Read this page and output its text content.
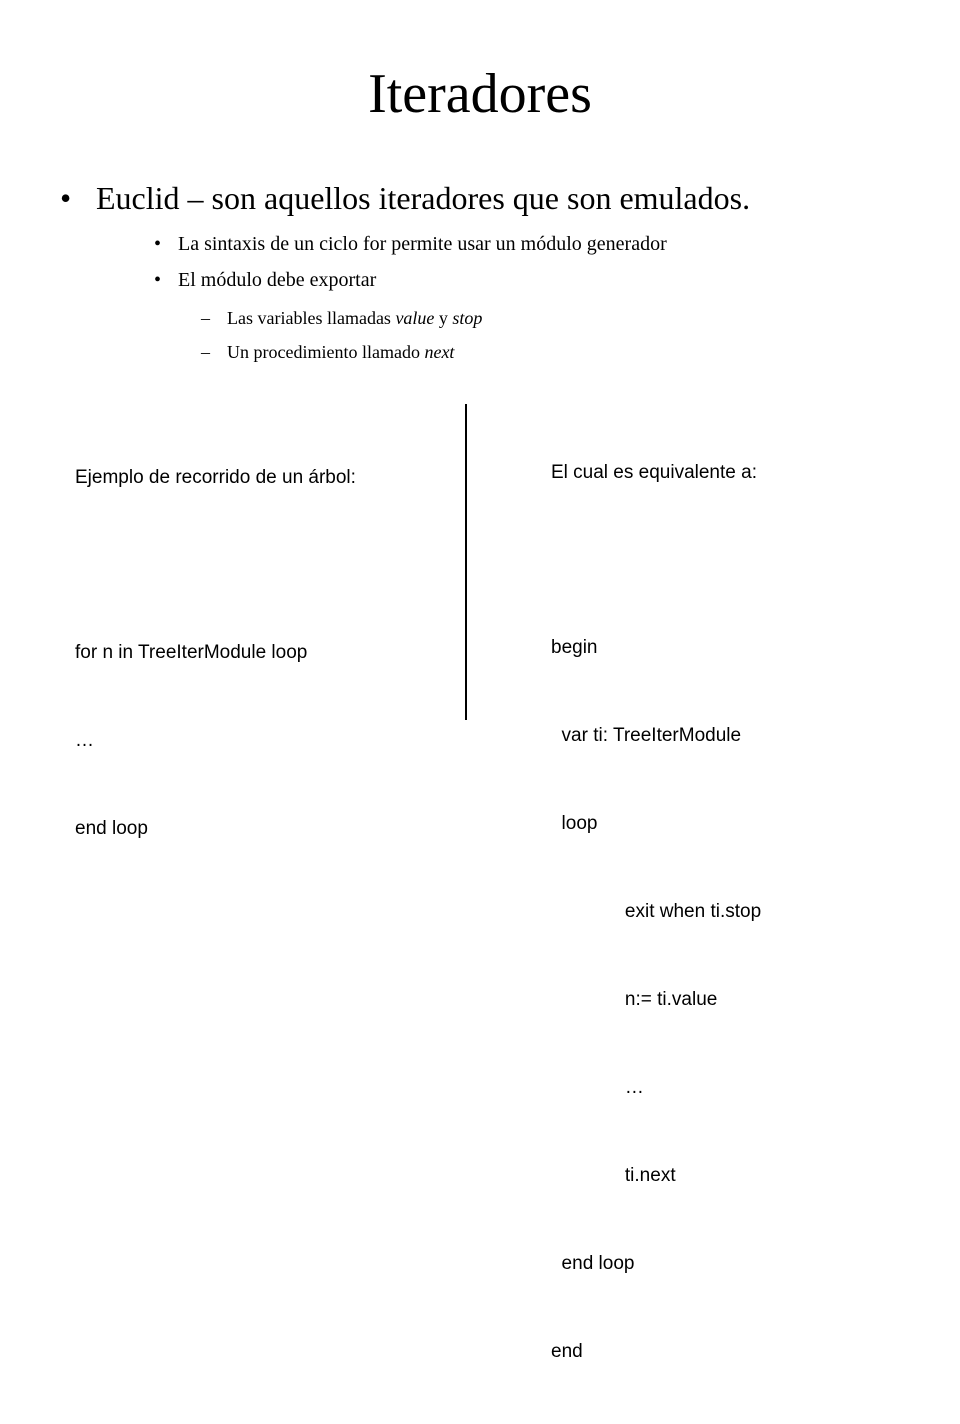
Iteradores
• Euclid – son aquellos iteradores que son emulados.
• La sintaxis de un ciclo for permite usar un módulo generador
• El módulo debe exportar
– Las variables llamadas value y stop
– Un procedimiento llamado next

Ejemplo de recorrido de un árbol:

for n in TreeIterModule loop

…

end loop

El cual es equivalente a:

begin

var ti: TreeIterModule

loop

exit when ti.stop

n:= ti.value

…

ti.next

end loop

end
